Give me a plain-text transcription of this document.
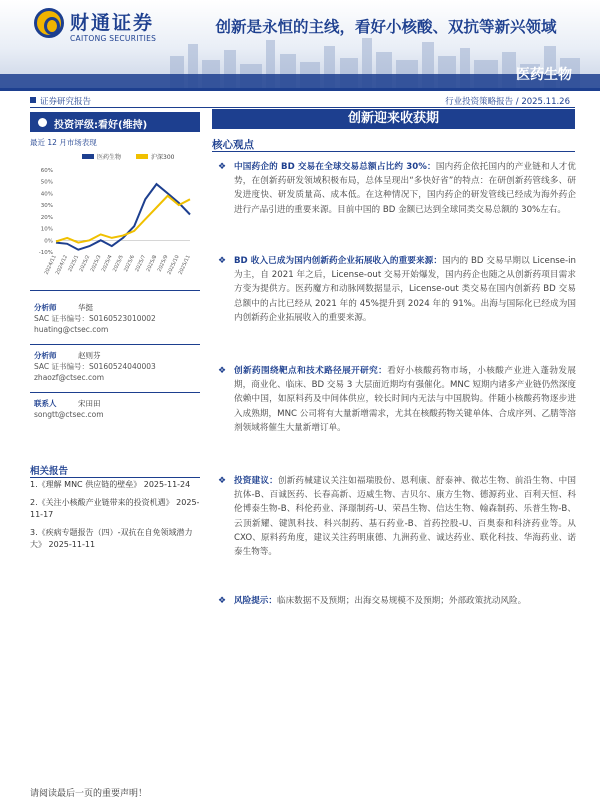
财通证券
CAITONG SECURITIES
创新是永恒的主线，看好小核酸、双抗等新兴领域
医药生物
证券研究报告	行业投资策略报告 / 2025.11.26
投资评级:看好(维持)
最近 12 月市场表现
医药生物	沪深300
60%
50%
40%
30%
20%
10%
0%
-10%
2024/11
2024/12
2025/1
2025/2
2025/3
2025/4
2025/5
2025/6
2025/7
2025/8
2025/9
2025/10
2025/11
分析师	华挺
SAC 证书编号：S0160523010002
huating@ctsec.com
分析师	赵则芬
SAC 证书编号：S0160524040003
zhaozf@ctsec.com
联系人	宋田田
songtt@ctsec.com
相关报告
1.《理解 MNC 供应链的壁垒》 2025-11-24
2.《关注小核酸产业链带来的投资机遇》 2025-11-17
3.《疾病专题报告（四）-双抗在自免领域潜力大》 2025-11-11
创新迎来收获期
核心观点
❖ 中国药企的 BD 交易在全球交易总额占比约 30%：国内药企依托国内的产业链和人才优势，在创新药研发领域积极布局，总体呈现出“多快好省”的特点：在研创新药管线多、研发进度快、研发质量高、成本低。在这种情况下，国内药企的研发管线已经成为海外药企进行产品引进的重要来源。目前中国的 BD 金额已达到全球同类交易总额的 30%左右。
❖ BD 收入已成为国内创新药企业拓展收入的重要来源：国内的 BD 交易早期以 License-in 为主，自 2021 年之后，License-out 交易开始爆发，国内药企也随之从创新药项目需求方变为提供方。医药魔方和动脉网数据显示，License-out 类交易在国内创新药 BD 交易总额中的占比已经从 2021 年的 45%提升到 2024 年的 91%。出海与国际化已经成为国内创新药企业拓展收入的重要来源。
❖ 创新药围绕靶点和技术路径展开研究：看好小核酸药物市场，小核酸产业进入蓬勃发展期，商业化、临床、BD 交易 3 大层面近期均有强催化。MNC 短期内诸多产业链仍然深度依赖中国，如原料药及中间体供应，较长时间内无法与中国脱钩。伴随小核酸药物逐步进入成熟期，MNC 公司将有大量新增需求，尤其在核酸药物关键单体、合成序列、乙腈等溶剂领域将催生大量新增订单。
❖ 投资建议：创新药械建议关注如福瑞股份、恩利康、舒泰神、微芯生物、前沿生物、中国抗体-B、百诚医药、长春高新、迈威生物、吉贝尔、康方生物、德源药业、百利天恒、科伦博泰生物-B、科伦药业、泽璟制药-U、荣昌生物、信达生物、翰森制药、乐普生物-B、云顶新耀、键凯科技、科兴制药、基石药业-B、首药控股-U、百奥泰和科济药业等。从 CXO、原料药角度，建议关注药明康德、九洲药业、诚达药业、联化科技、华海药业、诺泰生物等。
❖ 风险提示：临床数据不及预期；出海交易规模不及预期；外部政策扰动风险。
请阅读最后一页的重要声明！
